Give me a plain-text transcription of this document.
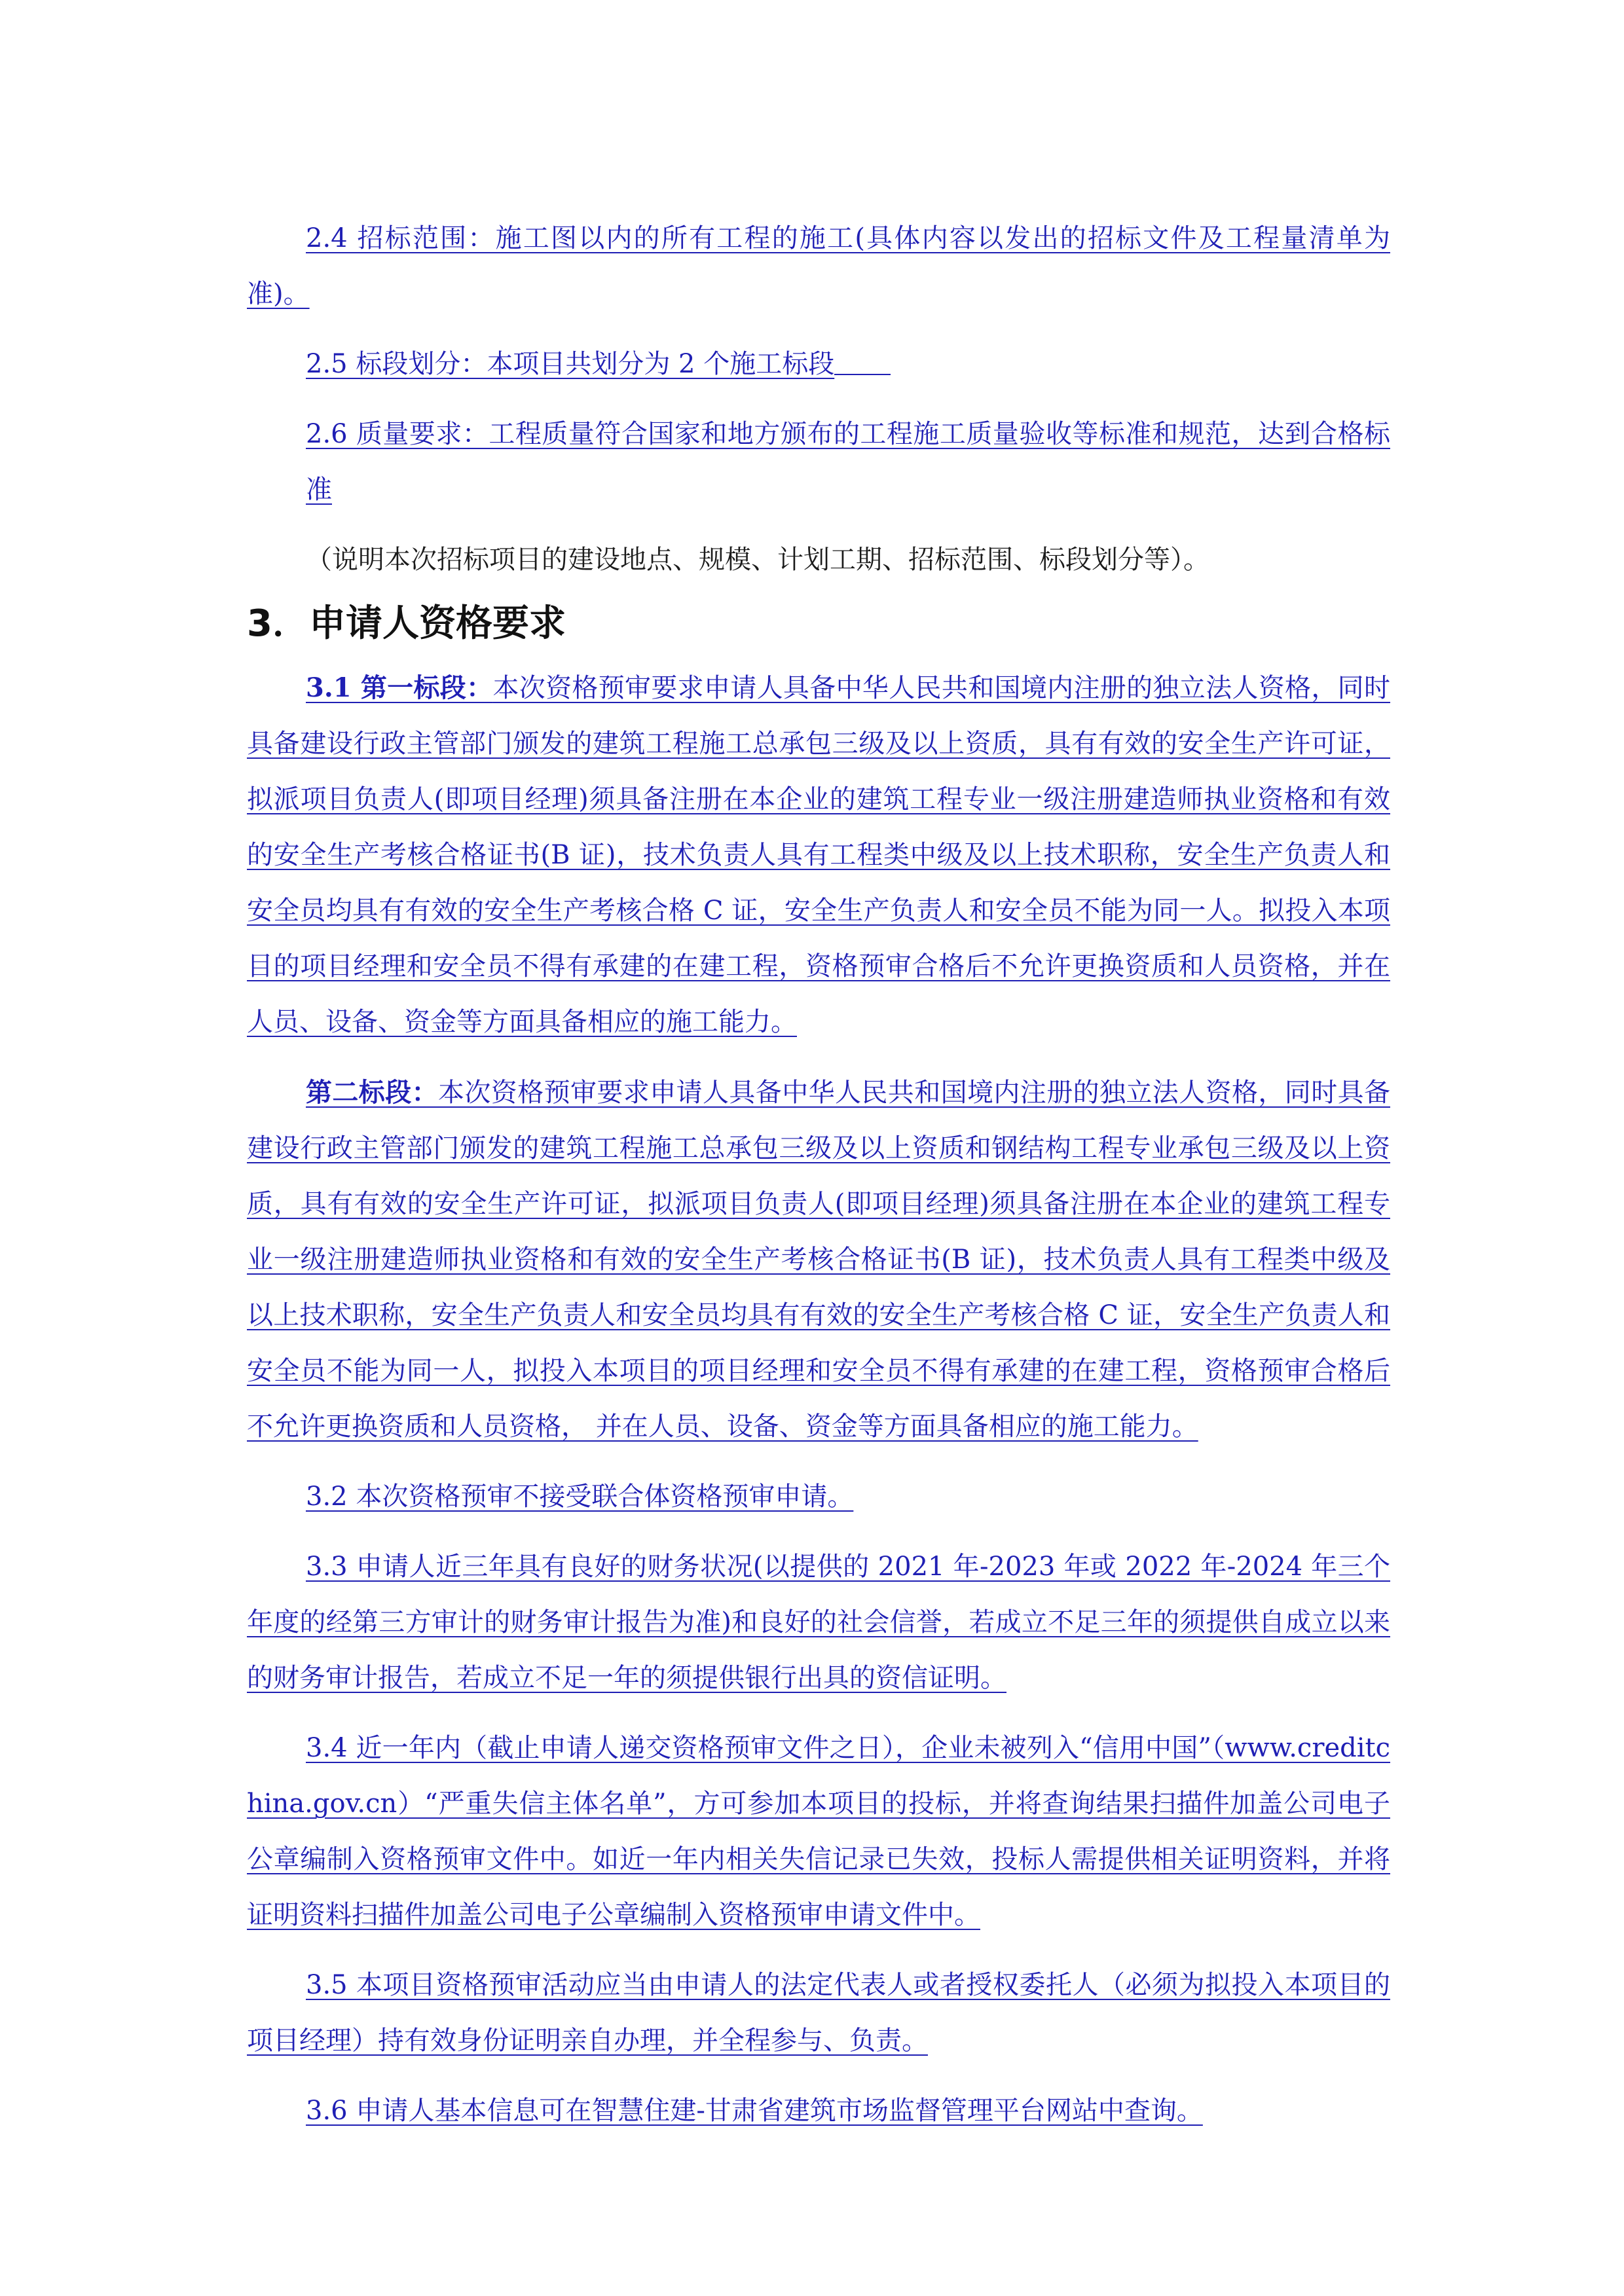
2.4 招标范围：施工图以内的所有工程的施工(具体内容以发出的招标文件及工程量清单为准)。

2.5 标段划分：本项目共划分为 2 个施工标段

2.6 质量要求：工程质量符合国家和地方颁布的工程施工质量验收等标准和规范，达到合格标准

（说明本次招标项目的建设地点、规模、计划工期、招标范围、标段划分等）。

3．申请人资格要求

3.1 第一标段：本次资格预审要求申请人具备中华人民共和国境内注册的独立法人资格，同时具备建设行政主管部门颁发的建筑工程施工总承包三级及以上资质，具有有效的安全生产许可证，拟派项目负责人(即项目经理)须具备注册在本企业的建筑工程专业一级注册建造师执业资格和有效的安全生产考核合格证书(B 证)，技术负责人具有工程类中级及以上技术职称，安全生产负责人和安全员均具有有效的安全生产考核合格 C 证，安全生产负责人和安全员不能为同一人。拟投入本项目的项目经理和安全员不得有承建的在建工程，资格预审合格后不允许更换资质和人员资格，并在人员、设备、资金等方面具备相应的施工能力。

第二标段：本次资格预审要求申请人具备中华人民共和国境内注册的独立法人资格，同时具备建设行政主管部门颁发的建筑工程施工总承包三级及以上资质和钢结构工程专业承包三级及以上资质，具有有效的安全生产许可证，拟派项目负责人(即项目经理)须具备注册在本企业的建筑工程专业一级注册建造师执业资格和有效的安全生产考核合格证书(B 证)，技术负责人具有工程类中级及以上技术职称，安全生产负责人和安全员均具有有效的安全生产考核合格 C 证，安全生产负责人和安全员不能为同一人，拟投入本项目的项目经理和安全员不得有承建的在建工程，资格预审合格后不允许更换资质和人员资格， 并在人员、设备、资金等方面具备相应的施工能力。

3.2 本次资格预审不接受联合体资格预审申请。

3.3 申请人近三年具有良好的财务状况(以提供的 2021 年-2023 年或 2022 年-2024 年三个年度的经第三方审计的财务审计报告为准)和良好的社会信誉，若成立不足三年的须提供自成立以来的财务审计报告，若成立不足一年的须提供银行出具的资信证明。

3.4 近一年内（截止申请人递交资格预审文件之日），企业未被列入“信用中国”（www.creditchina.gov.cn）“严重失信主体名单”，方可参加本项目的投标，并将查询结果扫描件加盖公司电子公章编制入资格预审文件中。如近一年内相关失信记录已失效，投标人需提供相关证明资料，并将证明资料扫描件加盖公司电子公章编制入资格预审申请文件中。

3.5 本项目资格预审活动应当由申请人的法定代表人或者授权委托人（必须为拟投入本项目的项目经理）持有效身份证明亲自办理，并全程参与、负责。

3.6 申请人基本信息可在智慧住建-甘肃省建筑市场监督管理平台网站中查询。
